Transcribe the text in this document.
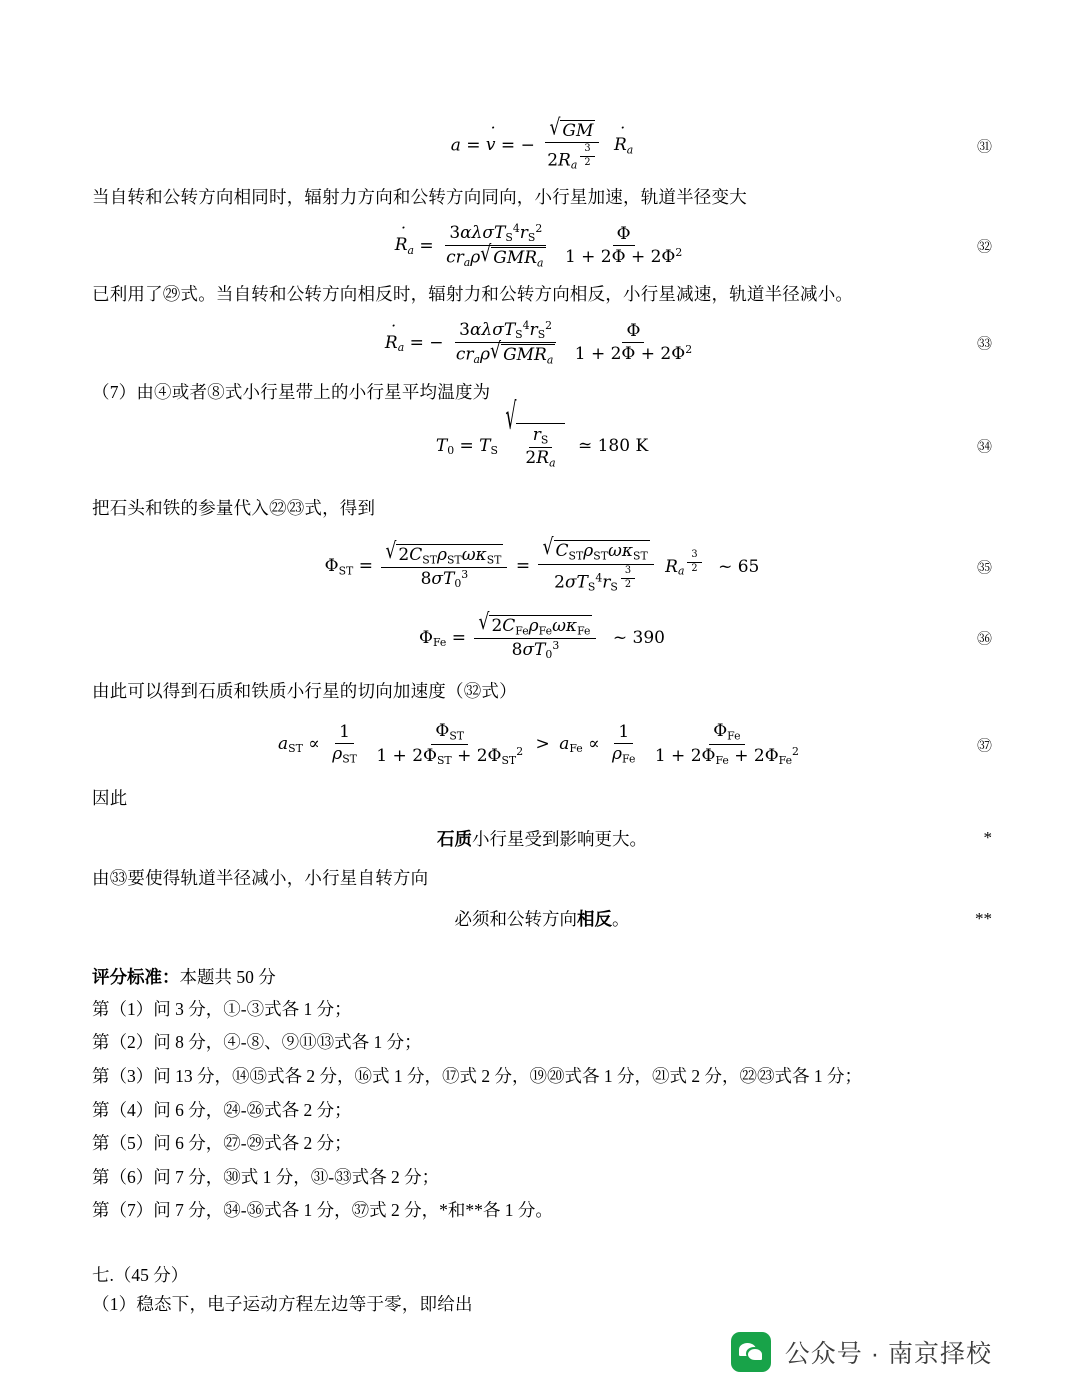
a = v ˙ = − √ GM
$2R_a$ $^{\frac{3}{2}}$ R $˙_a$	㉛
当自转和公转方向相同时，辐射力方向和公转方向同向，小行星加速，轨道半径变大
R $˙_a = \frac{3\alpha\lambda\sigma T_S^4r_S^2}{cr_a\rho √ GMR_a}$
$\frac{\Phi}{1 + 2\Phi + 2\Phi^2}$	㉜
已利用了㉙式。当自转和公转方向相反时，辐射力和公转方向相反，小行星减速，轨道半径减小。
R $˙_a$ = − $\frac{3\alpha\lambda\sigma T_S^4r_S^2}{cr_a\rho √ GMR_a}$
$\frac{\Phi}{1 + 2\Phi + 2\Phi^2}$	㉝
（7）由④或者⑧式小行星带上的小行星平均温度为
$T_0 = T_S$
√
$\frac{r_S}{2R_a}$ ≃ 180 K	㉞
把石头和铁的参量代入㉒㉓式，得到
$\Phi_{ST} = \frac{√ 2C_{ST}\rho_{ST}\omega\kappa_{ST}}{8\sigma T_0^3}$ = √ $C_{ST}\rho_{ST}\omega\kappa_{ST}$
$2\sigma T_S^4r_S$ $^{\frac{3}{2}}$ $R_a$ $^{\frac{3}{2}}$ ~ 65	㉟
$\Phi_{Fe} = \frac{√ 2C_{Fe}\rho_{Fe}\omega\kappa_{Fe}}{8\sigma T_0^3}$ ~ 390	㊱
由此可以得到石质和铁质小行星的切向加速度（㉜式）
$a_{ST} \propto \frac{1}{\rho_{ST}}$
$\frac{\Phi_{ST}}{1 + 2\Phi_{ST} + 2\Phi_{ST}^2} > a_{Fe} \propto \frac{1}{\rho_{Fe}}$
$\frac{\Phi_{Fe}}{1 + 2\Phi_{Fe} + 2\Phi_{Fe}^2}$	㊲
因此
石质小行星受到影响更大。	*
由㉝要使得轨道半径减小，小行星自转方向
必须和公转方向相反。	**
评分标准：本题共 50 分
第（1）问 3 分，①-③式各 1 分；
第（2）问 8 分，④-⑧、⑨⑪⑬式各 1 分；
第（3）问 13 分，⑭⑮式各 2 分，⑯式 1 分，⑰式 2 分，⑲⑳式各 1 分，㉑式 2 分，㉒㉓式各 1 分；
第（4）问 6 分，㉔-㉖式各 2 分；
第（5）问 6 分，㉗-㉙式各 2 分；
第（6）问 7 分，㉚式 1 分，㉛-㉝式各 2 分；
第（7）问 7 分，㉞-㊱式各 1 分，㊲式 2 分，*和**各 1 分。
七.（45 分）
（1）稳态下，电子运动方程左边等于零，即给出
公众号 · 南京择校
